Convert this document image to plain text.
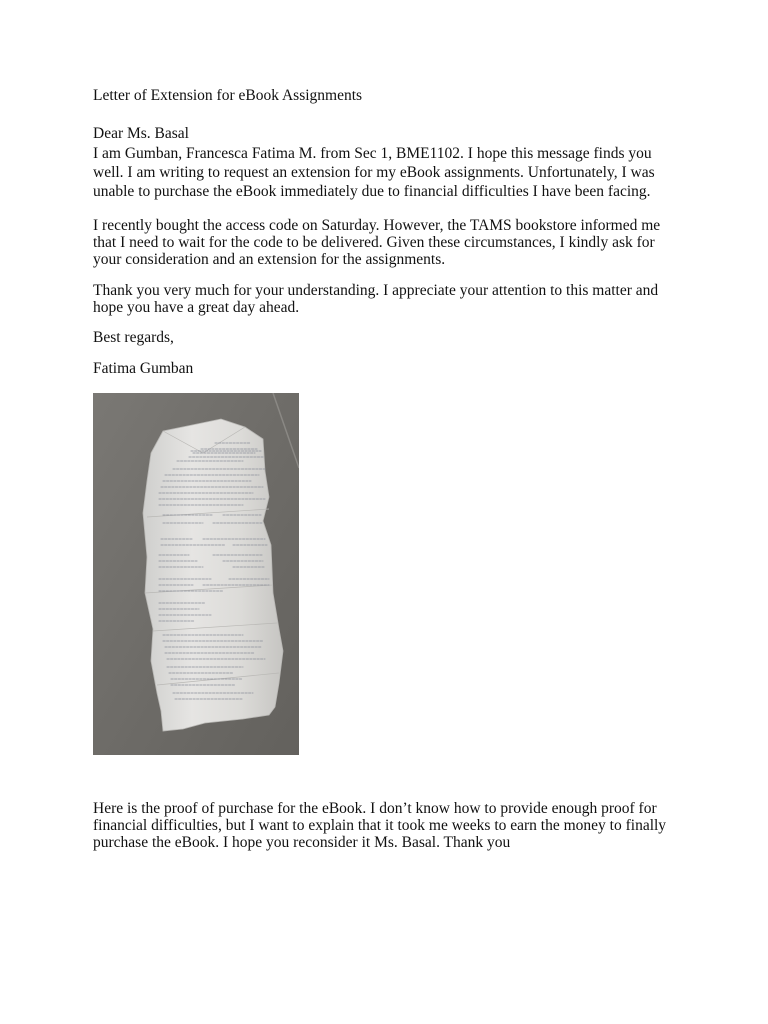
Letter of Extension for eBook Assignments
Dear Ms. Basal
I am Gumban, Francesca Fatima M. from Sec 1, BME1102. I hope this message finds you
well. I am writing to request an extension for my eBook assignments. Unfortunately, I was
unable to purchase the eBook immediately due to financial difficulties I have been facing.
I recently bought the access code on Saturday. However, the TAMS bookstore informed me
that I need to wait for the code to be delivered. Given these circumstances, I kindly ask for
your consideration and an extension for the assignments.
Thank you very much for your understanding. I appreciate your attention to this matter and
hope you have a great day ahead.
Best regards,
Fatima Gumban
Here is the proof of purchase for the eBook. I don’t know how to provide enough proof for
financial difficulties, but I want to explain that it took me weeks to earn the money to finally
purchase the eBook. I hope you reconsider it Ms. Basal. Thank you
